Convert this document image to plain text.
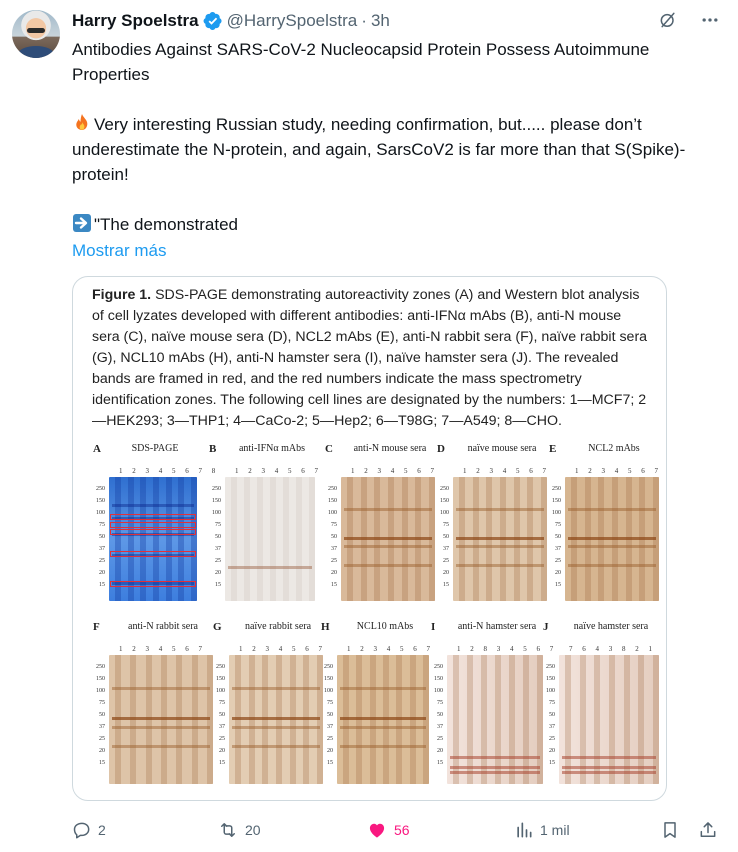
Harry Spoelstra @HarrySpoelstra · 3h

Antibodies Against SARS-CoV-2 Nucleocapsid Protein Possess Autoimmune Properties

Very interesting Russian study, needing confirmation, but..... please don’t underestimate the N-protein, and again, SarsCoV2 is far more than that S(Spike)-protein!

"The demonstrated

Mostrar más
Figure 1. SDS-PAGE demonstrating autoreactivity zones (A) and Western blot analysis of cell lyzates developed with different antibodies: anti-IFNα mAbs (B), anti-N mouse sera (C), naïve mouse sera (D), NCL2 mAbs (E), anti-N rabbit sera (F), naïve rabbit sera (G), NCL10 mAbs (H), anti-N hamster sera (I), naïve hamster sera (J). The revealed bands are framed in red, and the red numbers indicate the mass spectrometry identification zones. The following cell lines are designated by the numbers: 1—MCF7; 2—HEK293; 3—THP1; 4—CaCo-2; 5—Hep2; 6—T98G; 7—A549; 8—CHO.
A	SDS-PAGE
1 2 3 4 5 6 7 8
250
150
100
75
50
37
25
20
15
B	anti-IFNα mAbs
1 2 3 4 5 6 7
250
150
100
75
50
37
25
20
15
C	anti-N mouse sera
1 2 3 4 5 6 7
250
150
100
75
50
37
25
20
15
D	naïve mouse sera
1 2 3 4 5 6 7
250
150
100
75
50
37
25
20
15
E	NCL2 mAbs
1 2 3 4 5 6 7
250
150
100
75
50
37
25
20
15
F	anti-N rabbit sera
1 2 3 4 5 6 7
250
150
100
75
50
37
25
20
15
G	naïve rabbit sera
1 2 3 4 5 6 7
250
150
100
75
50
37
25
20
15
H	NCL10 mAbs
1 2 3 4 5 6 7
250
150
100
75
50
37
25
20
15
I	anti-N hamster sera
1 2 8 3 4 5 6 7
250
150
100
75
50
37
25
20
15
J	naïve hamster sera
7 6 4 3 8 2 1
250
150
100
75
50
37
25
20
15
2	20	56	1 mil
